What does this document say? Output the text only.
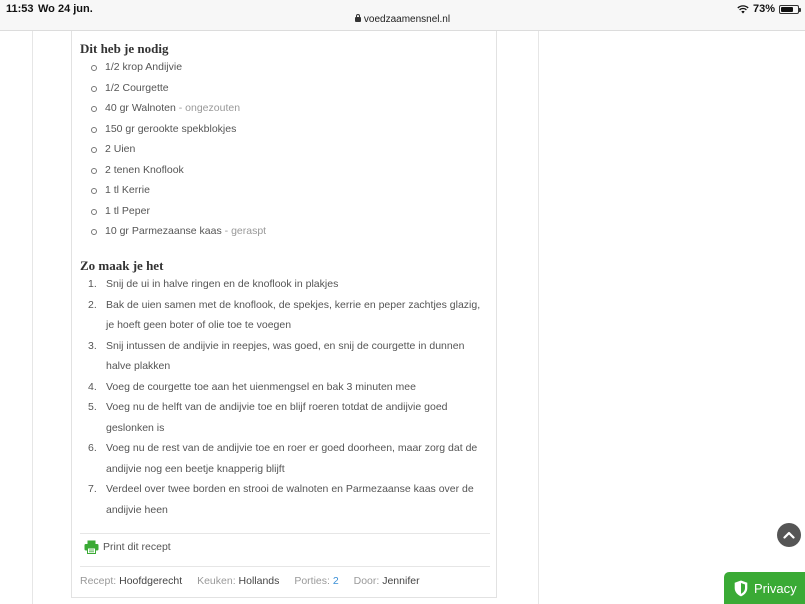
11:53 Wo 24 jun.
voedzaamensnel.nl
73%
Dit heb je nodig
1/2 krop Andijvie
1/2 Courgette
40 gr Walnoten - ongezouten
150 gr gerookte spekblokjes
2 Uien
2 tenen Knoflook
1 tl Kerrie
1 tl Peper
10 gr Parmezaanse kaas - geraspt
Zo maak je het
1. Snij de ui in halve ringen en de knoflook in plakjes
2. Bak de uien samen met de knoflook, de spekjes, kerrie en peper zachtjes glazig, je hoeft geen boter of olie toe te voegen
3. Snij intussen de andijvie in reepjes, was goed, en snij de courgette in dunnen halve plakken
4. Voeg de courgette toe aan het uienmengsel en bak 3 minuten mee
5. Voeg nu de helft van de andijvie toe en blijf roeren totdat de andijvie goed geslonken is
6. Voeg nu de rest van de andijvie toe en roer er goed doorheen, maar zorg dat de andijvie nog een beetje knapperig blijft
7. Verdeel over twee borden en strooi de walnoten en Parmezaanse kaas over de andijvie heen
Print dit recept
Recept: Hoofdgerecht Keuken: Hollands Porties: 2 Door: Jennifer	Privacy
